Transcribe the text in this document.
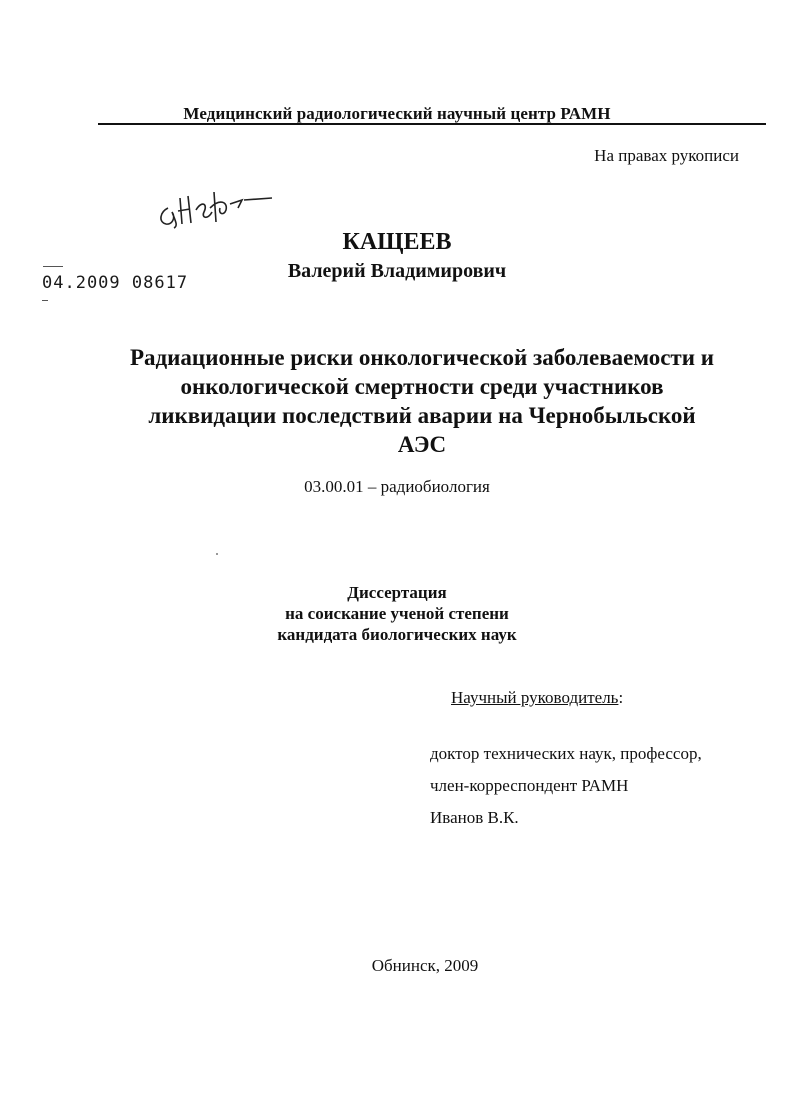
Медицинский радиологический научный центр РАМН
На правах рукописи
04.2009 08617
КАЩЕЕВ
Валерий Владимирович
Радиационные риски онкологической заболеваемости и
онкологической смертности среди участников
ликвидации последствий аварии на Чернобыльской
АЭС
03.00.01 – радиобиология
Диссертация
на соискание ученой степени
кандидата биологических наук
Научный руководитель:
доктор технических наук, профессор,
член-корреспондент РАМН
Иванов В.К.
Обнинск, 2009
